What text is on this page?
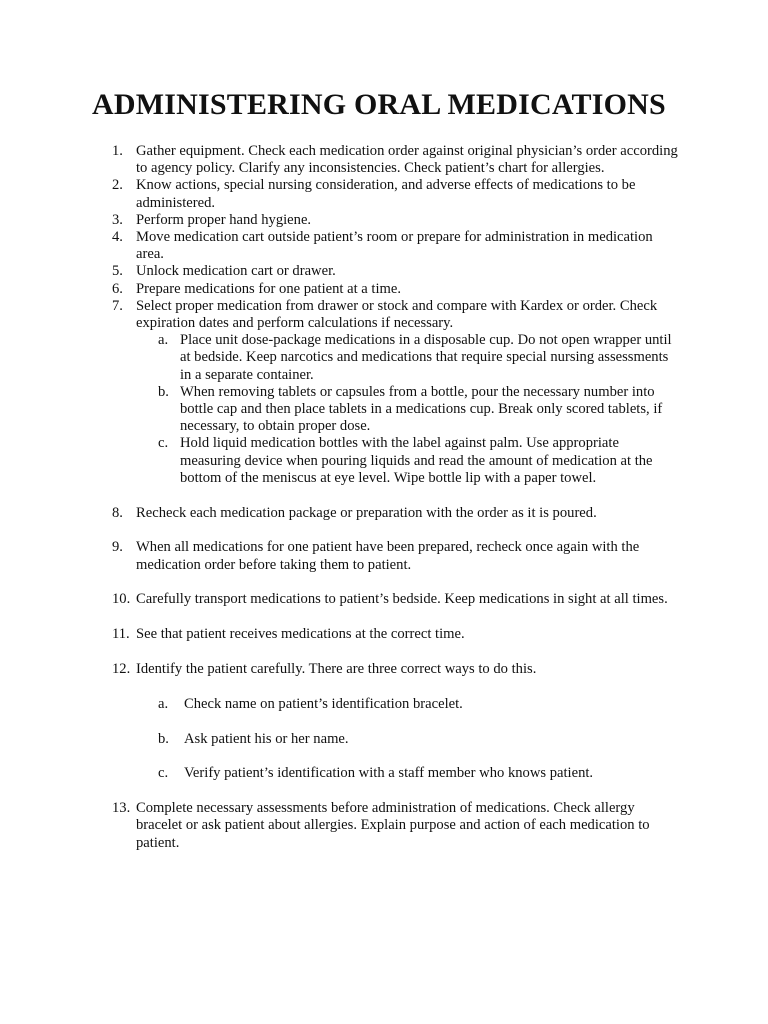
ADMINISTERING ORAL MEDICATIONS
1. Gather equipment. Check each medication order against original physician’s order according to agency policy. Clarify any inconsistencies. Check patient’s chart for allergies.
2. Know actions, special nursing consideration, and adverse effects of medications to be administered.
3. Perform proper hand hygiene.
4. Move medication cart outside patient’s room or prepare for administration in medication area.
5. Unlock medication cart or drawer.
6. Prepare medications for one patient at a time.
7. Select proper medication from drawer or stock and compare with Kardex or order. Check expiration dates and perform calculations if necessary.
a. Place unit dose-package medications in a disposable cup. Do not open wrapper until at bedside. Keep narcotics and medications that require special nursing assessments in a separate container.
b. When removing tablets or capsules from a bottle, pour the necessary number into bottle cap and then place tablets in a medications cup. Break only scored tablets, if necessary, to obtain proper dose.
c. Hold liquid medication bottles with the label against palm. Use appropriate measuring device when pouring liquids and read the amount of medication at the bottom of the meniscus at eye level. Wipe bottle lip with a paper towel.
8. Recheck each medication package or preparation with the order as it is poured.
9. When all medications for one patient have been prepared, recheck once again with the medication order before taking them to patient.
10. Carefully transport medications to patient’s bedside. Keep medications in sight at all times.
11. See that patient receives medications at the correct time.
12. Identify the patient carefully. There are three correct ways to do this.
a. Check name on patient’s identification bracelet.
b. Ask patient his or her name.
c. Verify patient’s identification with a staff member who knows patient.
13. Complete necessary assessments before administration of medications. Check allergy bracelet or ask patient about allergies. Explain purpose and action of each medication to patient.
